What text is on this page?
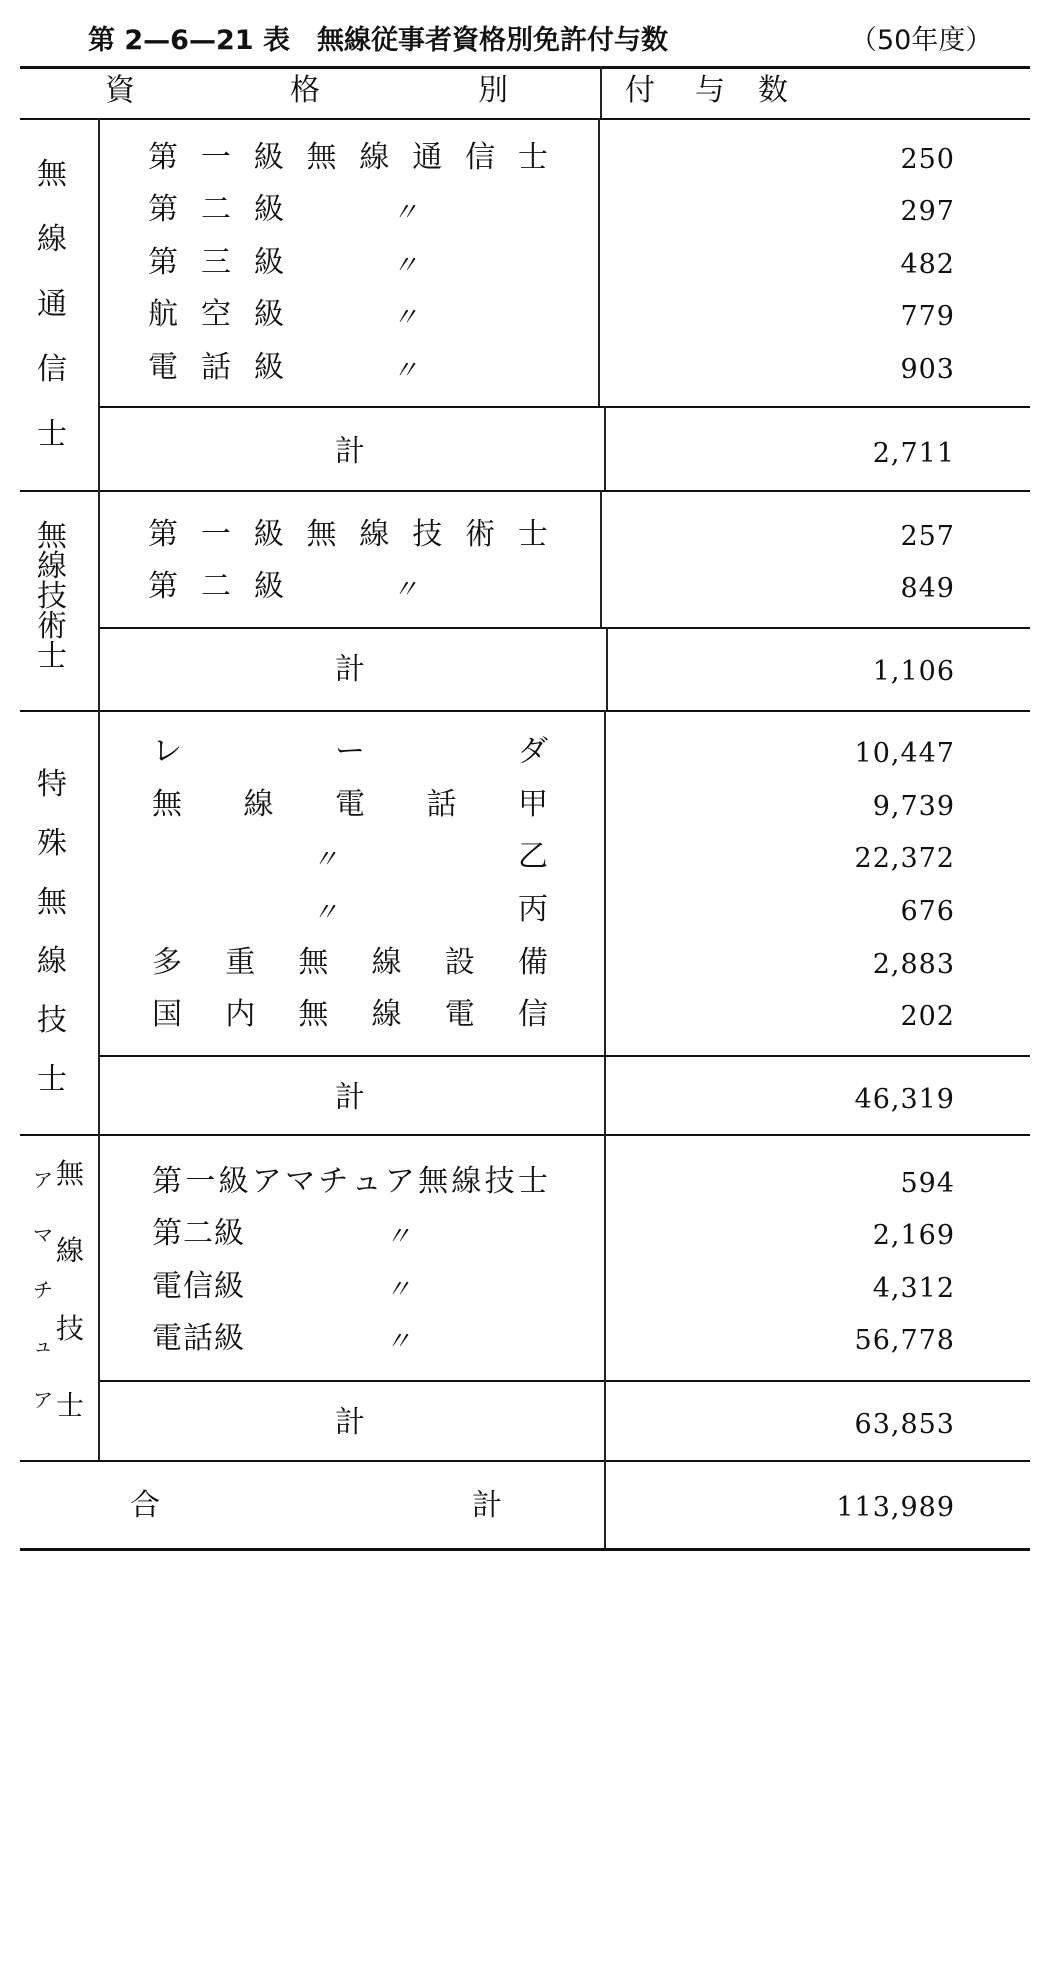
第 2—6—21 表　無線従事者資格別免許付与数	（50年度）
資	格	別	付 与 数
無
線
通
信
士
第 一 級 無 線 通 信 士	250
第 二 級	〃	297
第 三 級	〃	482
航 空 級	〃	779
電 話 級	〃	903
計	2,711
無
線
技
術
士
第 一 級 無 線 技 術 士	257
第 二 級	〃	849
計	1,106
特
殊
無
線
技
士
レ	ー	ダ	10,447
無 線 電 話 甲	9,739
〃	乙	22,372
〃	丙	676
多 重 無 線 設 備	2,883
国 内 無 線 電 信	202
計	46,319
ア
マ
チ
ュ
ア
無
線
技
士
第 一 級 ア マ チ ュ ア 無 線 技 士	594
第 二 級	〃	2,169
電 信 級	〃	4,312
電 話 級	〃	56,778
計	63,853
合	計	113,989
